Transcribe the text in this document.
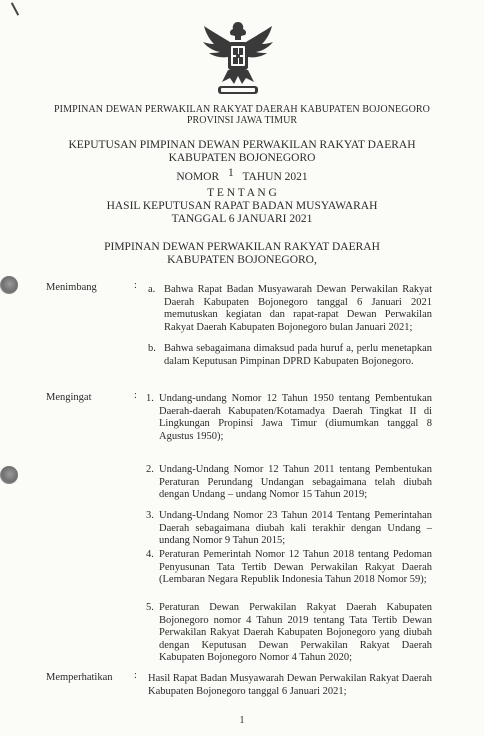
PIMPINAN DEWAN PERWAKILAN RAKYAT DAERAH KABUPATEN BOJONEGORO
PROVINSI JAWA TIMUR
KEPUTUSAN PIMPINAN DEWAN PERWAKILAN RAKYAT DAERAH
KABUPATEN BOJONEGORO
NOMOR 1 TAHUN 2021
T E N T A N G
HASIL KEPUTUSAN RAPAT BADAN MUSYAWARAH
TANGGAL 6 JANUARI 2021
PIMPINAN DEWAN PERWAKILAN RAKYAT DAERAH
KABUPATEN BOJONEGORO,
Menimbang	: a. Bahwa Rapat Badan Musyawarah Dewan Perwakilan Rakyat Daerah Kabupaten Bojonegoro tanggal 6 Januari 2021 memutuskan kegiatan dan rapat-rapat Dewan Perwakilan Rakyat Daerah Kabupaten Bojonegoro bulan Januari 2021;
b. Bahwa sebagaimana dimaksud pada huruf a, perlu menetapkan dalam Keputusan Pimpinan DPRD Kabupaten Bojonegoro.
Mengingat	: 1. Undang-undang Nomor 12 Tahun 1950 tentang Pembentukan Daerah-daerah Kabupaten/Kotamadya Daerah Tingkat II di Lingkungan Propinsi Jawa Timur (diumumkan tanggal 8 Agustus 1950);
2. Undang-Undang Nomor 12 Tahun 2011 tentang Pembentukan Peraturan Perundang Undangan sebagaimana telah diubah dengan Undang – undang Nomor 15 Tahun 2019;
3. Undang-Undang Nomor 23 Tahun 2014 Tentang Pemerintahan Daerah sebagaimana diubah kali terakhir dengan Undang – undang Nomor 9 Tahun 2015;
4. Peraturan Pemerintah Nomor 12 Tahun 2018 tentang Pedoman Penyusunan Tata Tertib Dewan Perwakilan Rakyat Daerah (Lembaran Negara Republik Indonesia Tahun 2018 Nomor 59);
5. Peraturan Dewan Perwakilan Rakyat Daerah Kabupaten Bojonegoro nomor 4 Tahun 2019 tentang Tata Tertib Dewan Perwakilan Rakyat Daerah Kabupaten Bojonegoro yang diubah dengan Keputusan Dewan Perwakilan Rakyat Daerah Kabupaten Bojonegoro Nomor 4 Tahun 2020;
Memperhatikan : Hasil Rapat Badan Musyawarah Dewan Perwakilan Rakyat Daerah Kabupaten Bojonegoro tanggal 6 Januari 2021;
1
